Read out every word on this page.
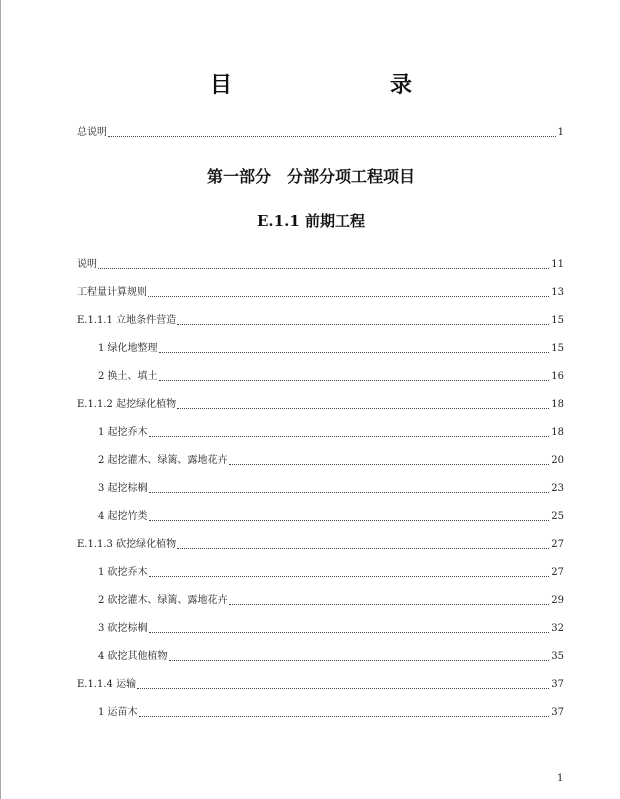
目　　录
总说明	1
第一部分　分部分项工程项目
E.1.1 前期工程
说明	11
工程量计算规则	13
E.1.1.1 立地条件营造	15
1 绿化地整理	15
2 换土、填土	16
E.1.1.2 起挖绿化植物	18
1 起挖乔木	18
2 起挖灌木、绿篱、露地花卉	20
3 起挖棕榈	23
4 起挖竹类	25
E.1.1.3 砍挖绿化植物	27
1 砍挖乔木	27
2 砍挖灌木、绿篱、露地花卉	29
3 砍挖棕榈	32
4 砍挖其他植物	35
E.1.1.4 运输	37
1 运苗木	37
1
